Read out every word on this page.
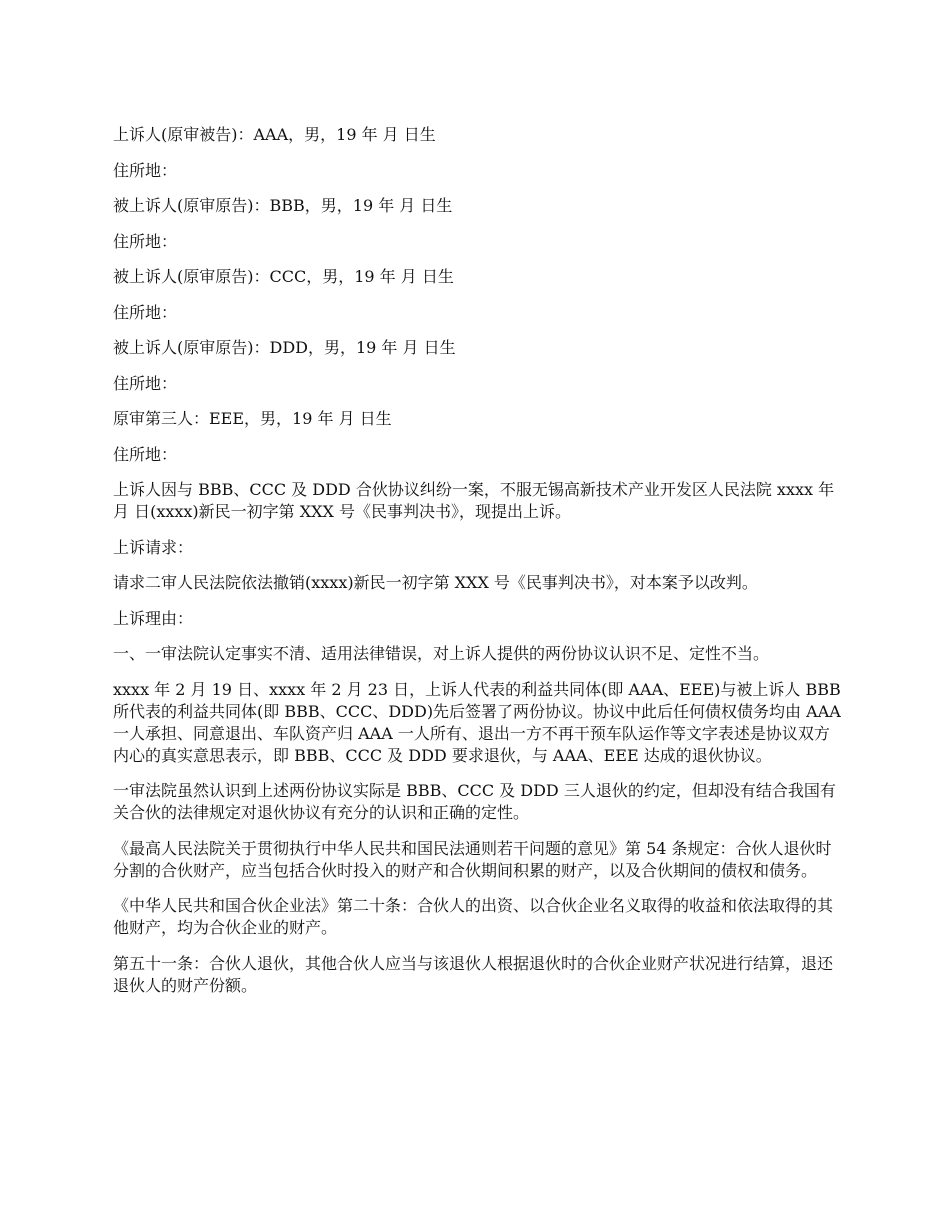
上诉人(原审被告)：AAA，男，19 年 月 日生

住所地：

被上诉人(原审原告)：BBB，男，19 年 月 日生

住所地：

被上诉人(原审原告)：CCC，男，19 年 月 日生

住所地：

被上诉人(原审原告)：DDD，男，19 年 月 日生

住所地：

原审第三人：EEE，男，19 年 月 日生

住所地：

上诉人因与 BBB、CCC 及 DDD 合伙协议纠纷一案，不服无锡高新技术产业开发区人民法院 xxxx 年 月 日(xxxx)新民一初字第 XXX 号《民事判决书》，现提出上诉。

上诉请求：

请求二审人民法院依法撤销(xxxx)新民一初字第 XXX 号《民事判决书》，对本案予以改判。

上诉理由：

一、一审法院认定事实不清、适用法律错误，对上诉人提供的两份协议认识不足、定性不当。

xxxx 年 2 月 19 日、xxxx 年 2 月 23 日，上诉人代表的利益共同体(即 AAA、EEE)与被上诉人 BBB 所代表的利益共同体(即 BBB、CCC、DDD)先后签署了两份协议。协议中此后任何债权债务均由 AAA 一人承担、同意退出、车队资产归 AAA 一人所有、退出一方不再干预车队运作等文字表述是协议双方内心的真实意思表示，即 BBB、CCC 及 DDD 要求退伙，与 AAA、EEE 达成的退伙协议。

一审法院虽然认识到上述两份协议实际是 BBB、CCC 及 DDD 三人退伙的约定，但却没有结合我国有关合伙的法律规定对退伙协议有充分的认识和正确的定性。

《最高人民法院关于贯彻执行中华人民共和国民法通则若干问题的意见》第 54 条规定：合伙人退伙时分割的合伙财产，应当包括合伙时投入的财产和合伙期间积累的财产，以及合伙期间的债权和债务。

《中华人民共和国合伙企业法》第二十条：合伙人的出资、以合伙企业名义取得的收益和依法取得的其他财产，均为合伙企业的财产。

第五十一条：合伙人退伙，其他合伙人应当与该退伙人根据退伙时的合伙企业财产状况进行结算，退还退伙人的财产份额。
